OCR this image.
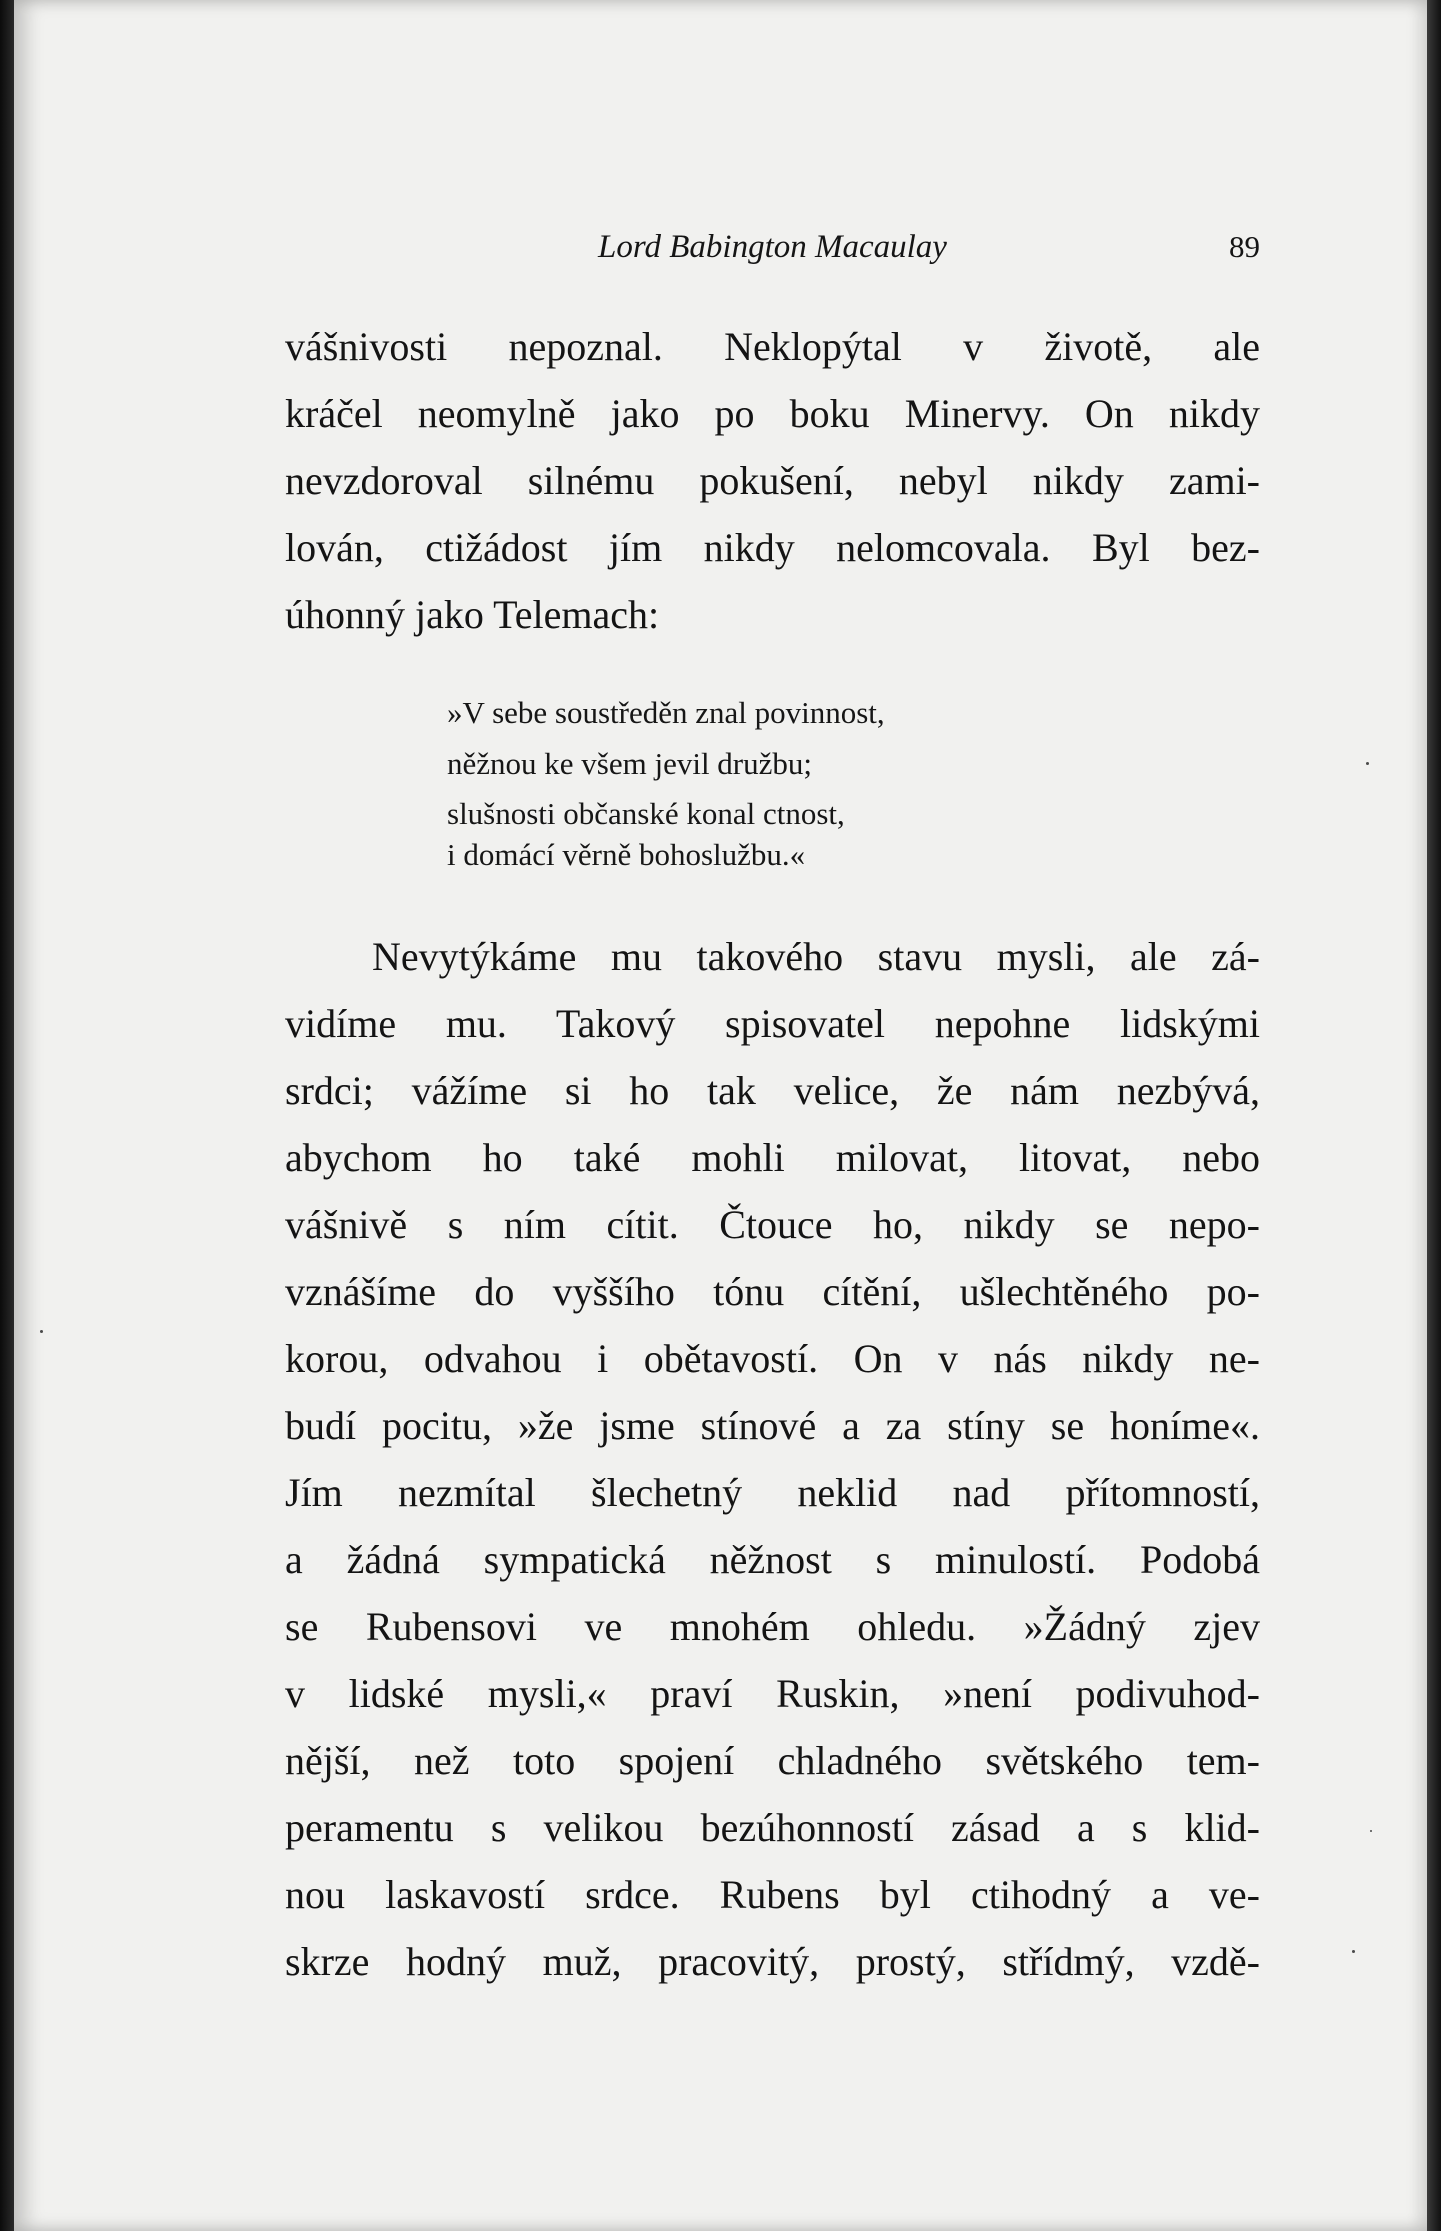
Lord Babington Macaulay	89
vášnivosti nepoznal. Neklopýtal v životě, ale
kráčel neomylně jako po boku Minervy. On nikdy
nevzdoroval silnému pokušení, nebyl nikdy zami-
lován, ctižádost jím nikdy nelomcovala. Byl bez-
úhonný jako Telemach:
»V sebe soustředěn znal povinnost,
něžnou ke všem jevil družbu;
slušnosti občanské konal ctnost,
i domácí věrně bohoslužbu.«
Nevytýkáme mu takového stavu mysli, ale zá-
vidíme mu. Takový spisovatel nepohne lidskými
srdci; vážíme si ho tak velice, že nám nezbývá,
abychom ho také mohli milovat, litovat, nebo
vášnivě s ním cítit. Čtouce ho, nikdy se nepo-
vznášíme do vyššího tónu cítění, ušlechtěného po-
korou, odvahou i obětavostí. On v nás nikdy ne-
budí pocitu, »že jsme stínové a za stíny se honíme«.
Jím nezmítal šlechetný neklid nad přítomností,
a žádná sympatická něžnost s minulostí. Podobá
se Rubensovi ve mnohém ohledu. »Žádný zjev
v lidské mysli,« praví Ruskin, »není podivuhod-
nější, než toto spojení chladného světského tem-
peramentu s velikou bezúhonností zásad a s klid-
nou laskavostí srdce. Rubens byl ctihodný a ve-
skrze hodný muž, pracovitý, prostý, střídmý, vzdě-
